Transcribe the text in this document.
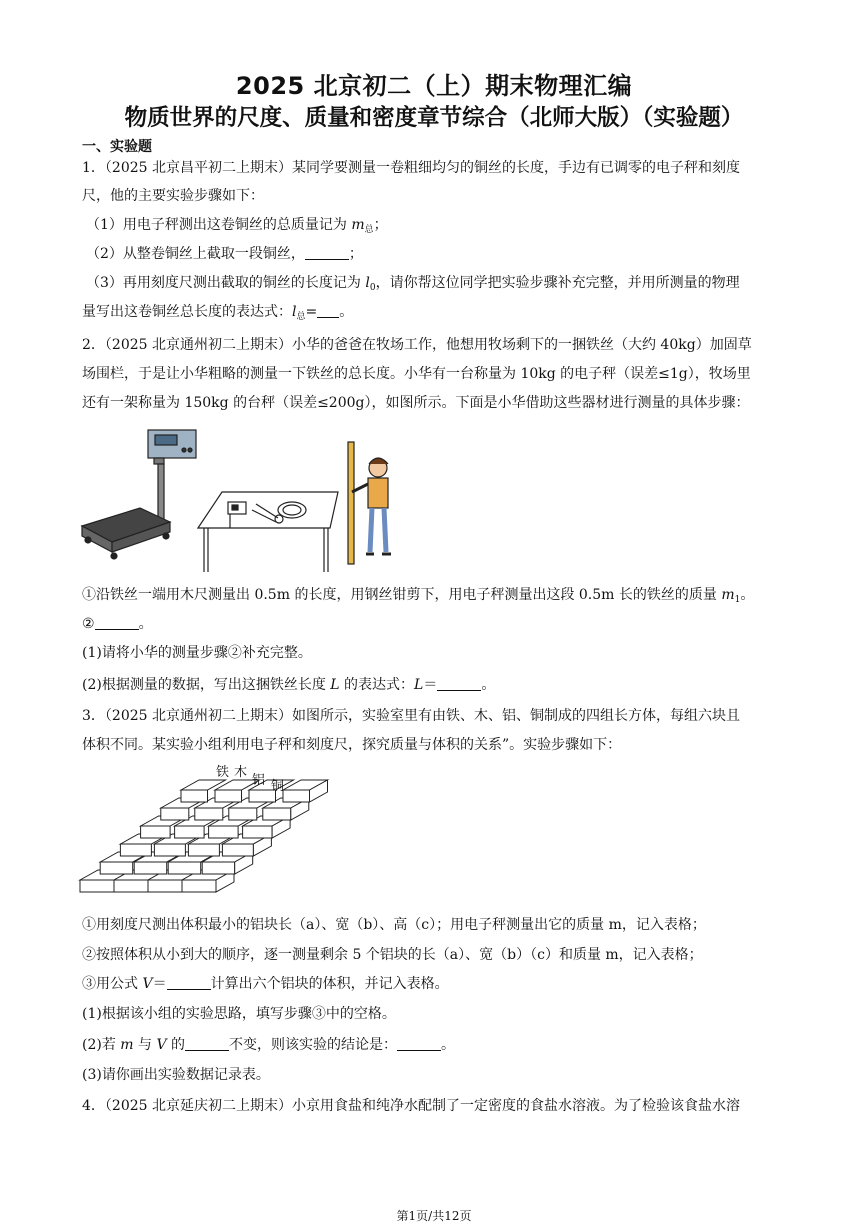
2025 北京初二（上）期末物理汇编
物质世界的尺度、质量和密度章节综合（北师大版）（实验题）
一、实验题
1．（2025 北京昌平初二上期末）某同学要测量一卷粗细均匀的铜丝的长度，手边有已调零的电子秤和刻度
尺，他的主要实验步骤如下：
（1）用电子秤测出这卷铜丝的总质量记为 $m_总$；
（2）从整卷铜丝上截取一段铜丝，	；
（3）再用刻度尺测出截取的铜丝的长度记为 $l_0$，请你帮这位同学把实验步骤补充完整，并用所测量的物理
量写出这卷铜丝总长度的表达式：$l_总=$ 。
2．（2025 北京通州初二上期末）小华的爸爸在牧场工作，他想用牧场剩下的一捆铁丝（大约 40kg）加固草
场围栏，于是让小华粗略的测量一下铁丝的总长度。小华有一台称量为 10kg 的电子秤（误差≤1g），牧场里
还有一架称量为 150kg 的台秤（误差≤200g），如图所示。下面是小华借助这些器材进行测量的具体步骤：
①沿铁丝一端用木尺测量出 0.5m 的长度，用钢丝钳剪下，用电子秤测量出这段 0.5m 长的铁丝的质量 $m_1$。
②	。
(1)请将小华的测量步骤②补充完整。
(2)根据测量的数据，写出这捆铁丝长度 L 的表达式：L＝	。
3．（2025 北京通州初二上期末）如图所示，实验室里有由铁、木、铝、铜制成的四组长方体，每组六块且
体积不同。某实验小组利用电子秤和刻度尺，探究质量与体积的关系”。实验步骤如下：
铁 木
铝 铜
①用刻度尺测出体积最小的铝块长（a）、宽（b）、高（c）；用电子秤测量出它的质量 m，记入表格；
②按照体积从小到大的顺序，逐一测量剩余 5 个铝块的长（a）、宽（b）（c）和质量 m，记入表格；
③用公式 V＝	计算出六个铝块的体积，并记入表格。
(1)根据该小组的实验思路，填写步骤③中的空格。
(2)若 m 与 V 的	不变，则该实验的结论是：	。
(3)请你画出实验数据记录表。
4．（2025 北京延庆初二上期末）小京用食盐和纯净水配制了一定密度的食盐水溶液。为了检验该食盐水溶
第1页/共12页
